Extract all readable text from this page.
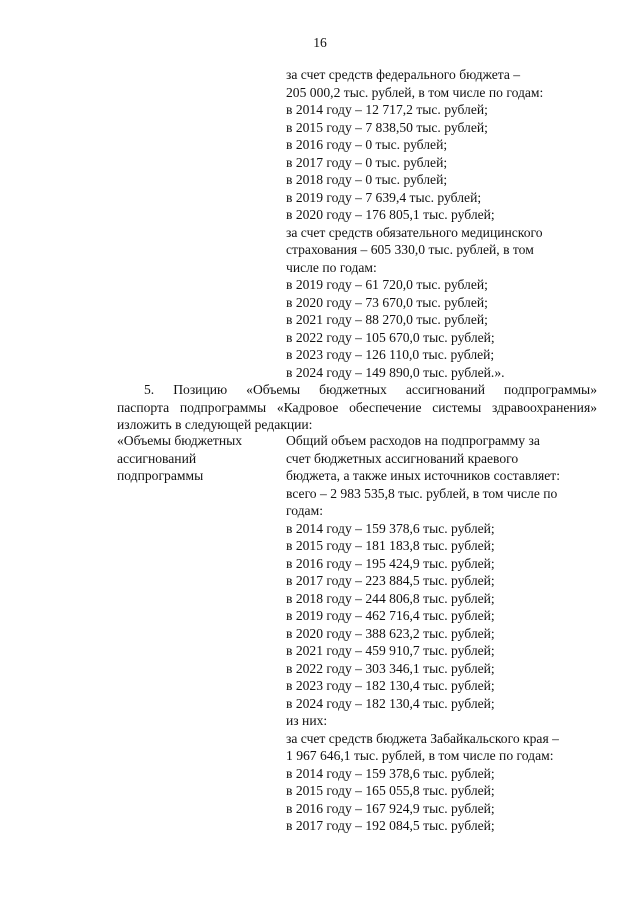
16
за счет средств федерального бюджета –
205 000,2 тыс. рублей, в том числе по годам:
в 2014 году – 12 717,2 тыс. рублей;
в 2015 году – 7 838,50 тыс. рублей;
в 2016 году – 0 тыс. рублей;
в 2017 году – 0 тыс. рублей;
в 2018 году – 0 тыс. рублей;
в 2019 году – 7 639,4 тыс. рублей;
в 2020 году – 176 805,1 тыс. рублей;
за счет средств обязательного медицинского
страхования – 605 330,0 тыс. рублей, в том
числе по годам:
в 2019 году – 61 720,0 тыс. рублей;
в 2020 году – 73 670,0 тыс. рублей;
в 2021 году – 88 270,0 тыс. рублей;
в 2022 году – 105 670,0 тыс. рублей;
в 2023 году – 126 110,0 тыс. рублей;
в 2024 году – 149 890,0 тыс. рублей.».
5. Позицию «Объемы бюджетных ассигнований подпрограммы»
паспорта подпрограммы «Кадровое обеспечение системы здравоохранения»
изложить в следующей редакции:
«Объемы бюджетных
ассигнований
подпрограммы
Общий объем расходов на подпрограмму за
счет бюджетных ассигнований краевого
бюджета, а также иных источников составляет:
всего – 2 983 535,8 тыс. рублей, в том числе по
годам:
в 2014 году – 159 378,6 тыс. рублей;
в 2015 году – 181 183,8 тыс. рублей;
в 2016 году – 195 424,9 тыс. рублей;
в 2017 году – 223 884,5 тыс. рублей;
в 2018 году – 244 806,8 тыс. рублей;
в 2019 году – 462 716,4 тыс. рублей;
в 2020 году – 388 623,2 тыс. рублей;
в 2021 году – 459 910,7 тыс. рублей;
в 2022 году – 303 346,1 тыс. рублей;
в 2023 году – 182 130,4 тыс. рублей;
в 2024 году – 182 130,4 тыс. рублей;
из них:
за счет средств бюджета Забайкальского края –
1 967 646,1 тыс. рублей, в том числе по годам:
в 2014 году – 159 378,6 тыс. рублей;
в 2015 году – 165 055,8 тыс. рублей;
в 2016 году – 167 924,9 тыс. рублей;
в 2017 году – 192 084,5 тыс. рублей;
